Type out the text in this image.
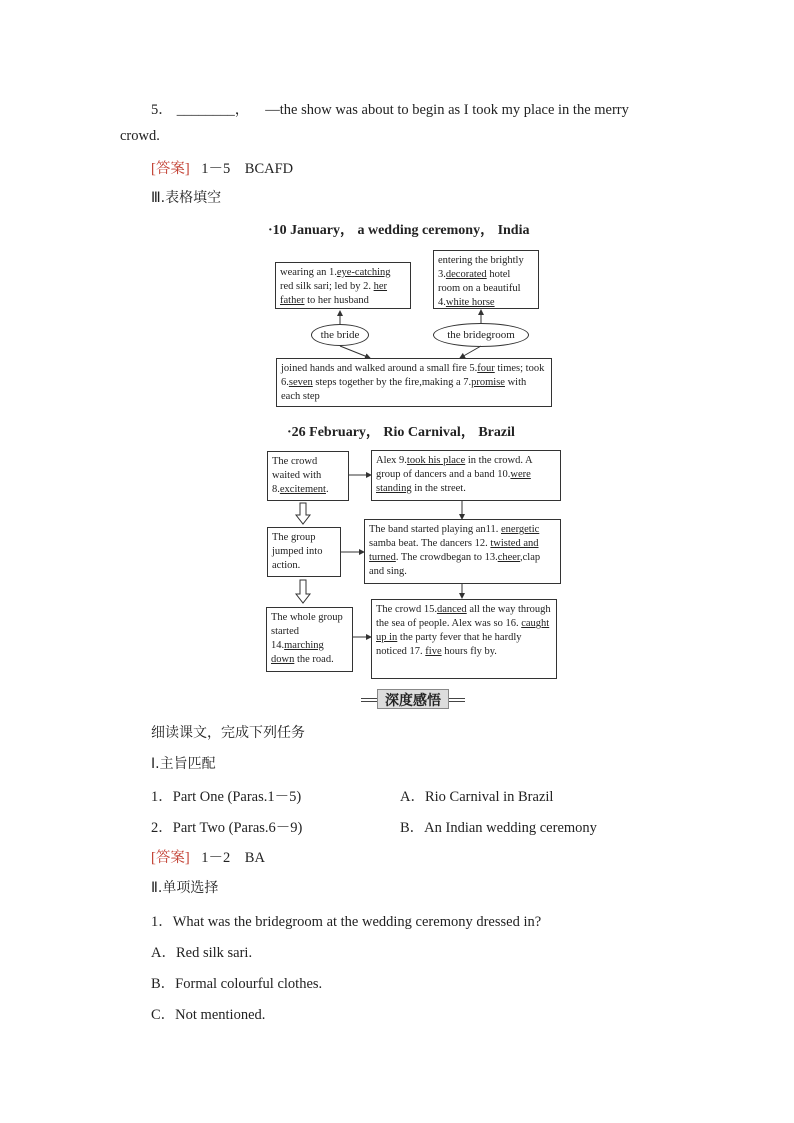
5． ________， —the show was about to begin as I took my place in the merry
crowd.
[答案] 1－5　BCAFD
Ⅲ.表格填空
·10 January， a wedding ceremony， India
wearing an 1.eye-catching red silk sari; led by 2. her father to her husband
entering the brightly 3.decorated hotel room on a beautiful 4.white horse
the bride	the bridegroom
joined hands and walked around a small fire 5.four times; took 6.seven steps together by the fire,making a 7.promise with each step
·26 February， Rio Carnival， Brazil
The crowd waited with 8.excitement.
Alex 9.took his place in the crowd. A group of dancers and a band 10.were standing in the street.
The group jumped into action.
The band started playing an11. energetic samba beat. The dancers 12. twisted and turned. The crowdbegan to 13.cheer,clap and sing.
The whole group started 14.marching down the road.
The crowd 15.danced all the way through the sea of people. Alex was so 16. caught up in the party fever that he hardly noticed 17. five hours fly by.
深度感悟
细读课文，完成下列任务
Ⅰ.主旨匹配
1．Part One (Paras.1－5)	A．Rio Carnival in Brazil
2．Part Two (Paras.6－9)	B．An Indian wedding ceremony
[答案] 1－2　BA
Ⅱ.单项选择
1．What was the bridegroom at the wedding ceremony dressed in?
A．Red silk sari.
B．Formal colourful clothes.
C．Not mentioned.
